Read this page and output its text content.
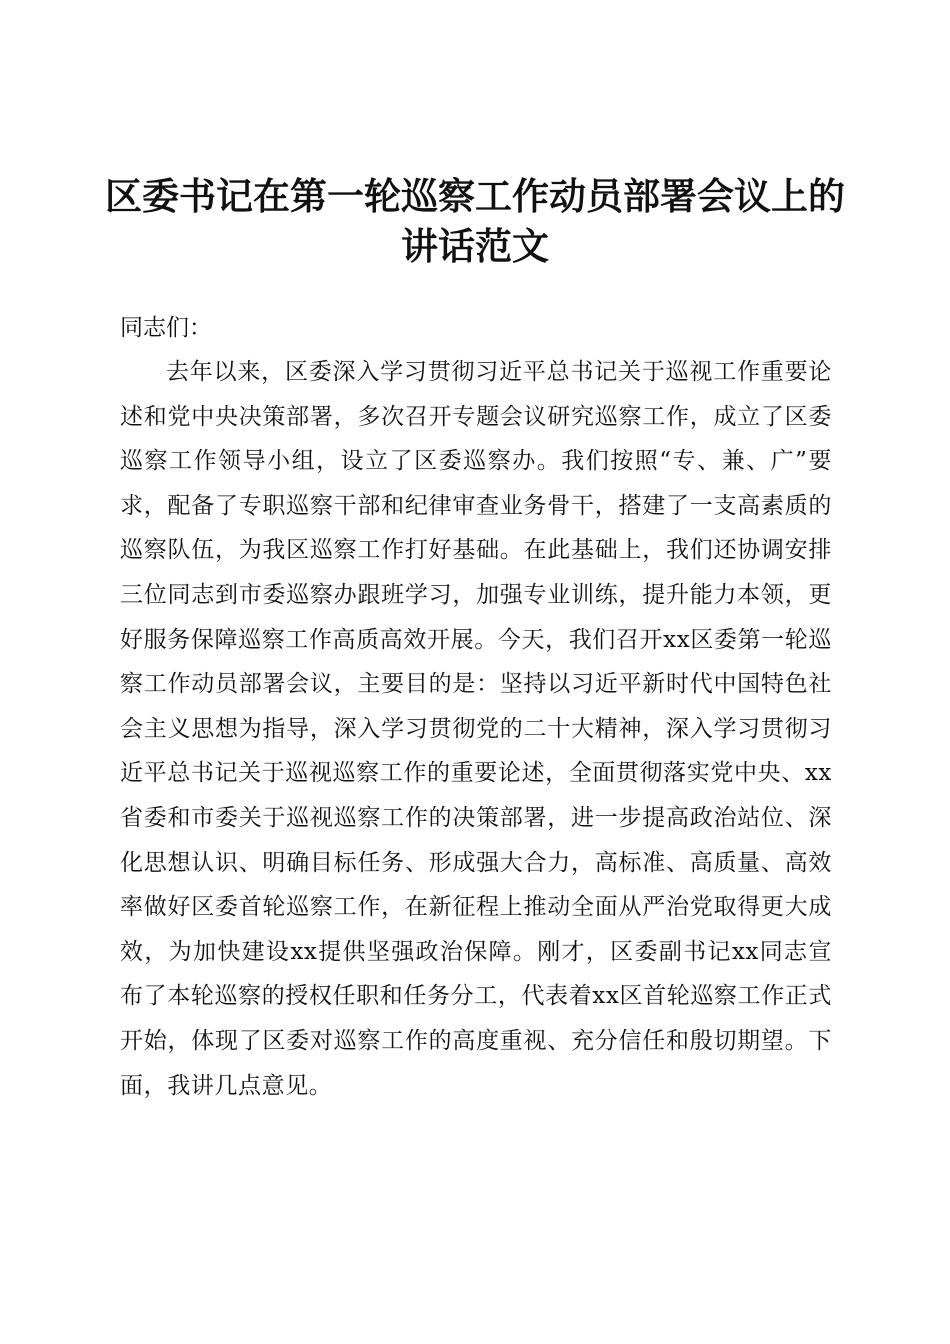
区委书记在第一轮巡察工作动员部署会议上的讲话范文

同志们：

去年以来，区委深入学习贯彻习近平总书记关于巡视工作重要论述和党中央决策部署，多次召开专题会议研究巡察工作，成立了区委巡察工作领导小组，设立了区委巡察办。我们按照“专、兼、广”要求，配备了专职巡察干部和纪律审查业务骨干，搭建了一支高素质的巡察队伍，为我区巡察工作打好基础。在此基础上，我们还协调安排三位同志到市委巡察办跟班学习，加强专业训练，提升能力本领，更好服务保障巡察工作高质高效开展。今天，我们召开xx区委第一轮巡察工作动员部署会议，主要目的是：坚持以习近平新时代中国特色社会主义思想为指导，深入学习贯彻党的二十大精神，深入学习贯彻习近平总书记关于巡视巡察工作的重要论述，全面贯彻落实党中央、xx省委和市委关于巡视巡察工作的决策部署，进一步提高政治站位、深化思想认识、明确目标任务、形成强大合力，高标准、高质量、高效率做好区委首轮巡察工作，在新征程上推动全面从严治党取得更大成效，为加快建设xx提供坚强政治保障。刚才，区委副书记xx同志宣布了本轮巡察的授权任职和任务分工，代表着xx区首轮巡察工作正式开始，体现了区委对巡察工作的高度重视、充分信任和殷切期望。下面，我讲几点意见。
